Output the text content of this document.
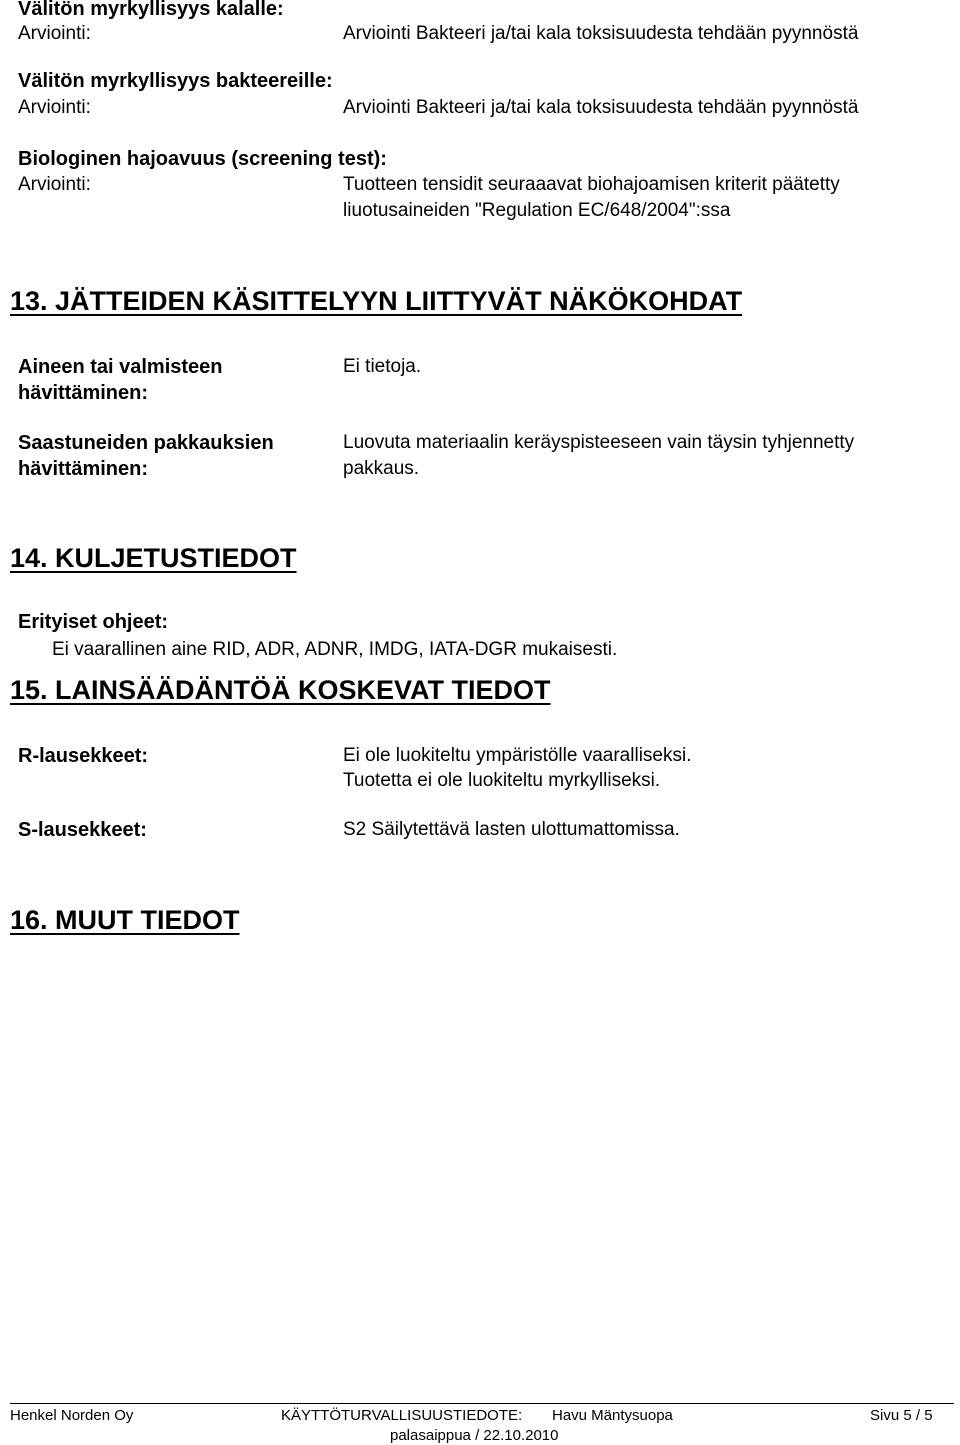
Välitön myrkyllisyys kalalle:
Arviointi:	Arviointi Bakteeri ja/tai kala toksisuudesta tehdään pyynnöstä
Välitön myrkyllisyys bakteereille:
Arviointi:	Arviointi Bakteeri ja/tai kala toksisuudesta tehdään pyynnöstä
Biologinen hajoavuus (screening test):
Arviointi:	Tuotteen tensidit seuraaavat biohajoamisen kriterit päätetty
liuotusaineiden "Regulation EC/648/2004":ssa
13. JÄTTEIDEN KÄSITTELYYN LIITTYVÄT NÄKÖKOHDAT
Aineen tai valmisteen
hävittäminen:
Ei tietoja.
Saastuneiden pakkauksien
hävittäminen:
Luovuta materiaalin keräyspisteeseen vain täysin tyhjennetty
pakkaus.
14. KULJETUSTIEDOT
Erityiset ohjeet:
Ei vaarallinen aine RID, ADR, ADNR, IMDG, IATA-DGR mukaisesti.
15. LAINSÄÄDÄNTÖÄ KOSKEVAT TIEDOT
R-lausekkeet:	Ei ole luokiteltu ympäristölle vaaralliseksi.
Tuotetta ei ole luokiteltu myrkylliseksi.
S-lausekkeet:	S2 Säilytettävä lasten ulottumattomissa.
16. MUUT TIEDOT
Henkel Norden Oy	KÄYTTÖTURVALLISUUSTIEDOTE: Havu Mäntysuopa
palasaippua / 22.10.2010
Sivu 5 / 5
